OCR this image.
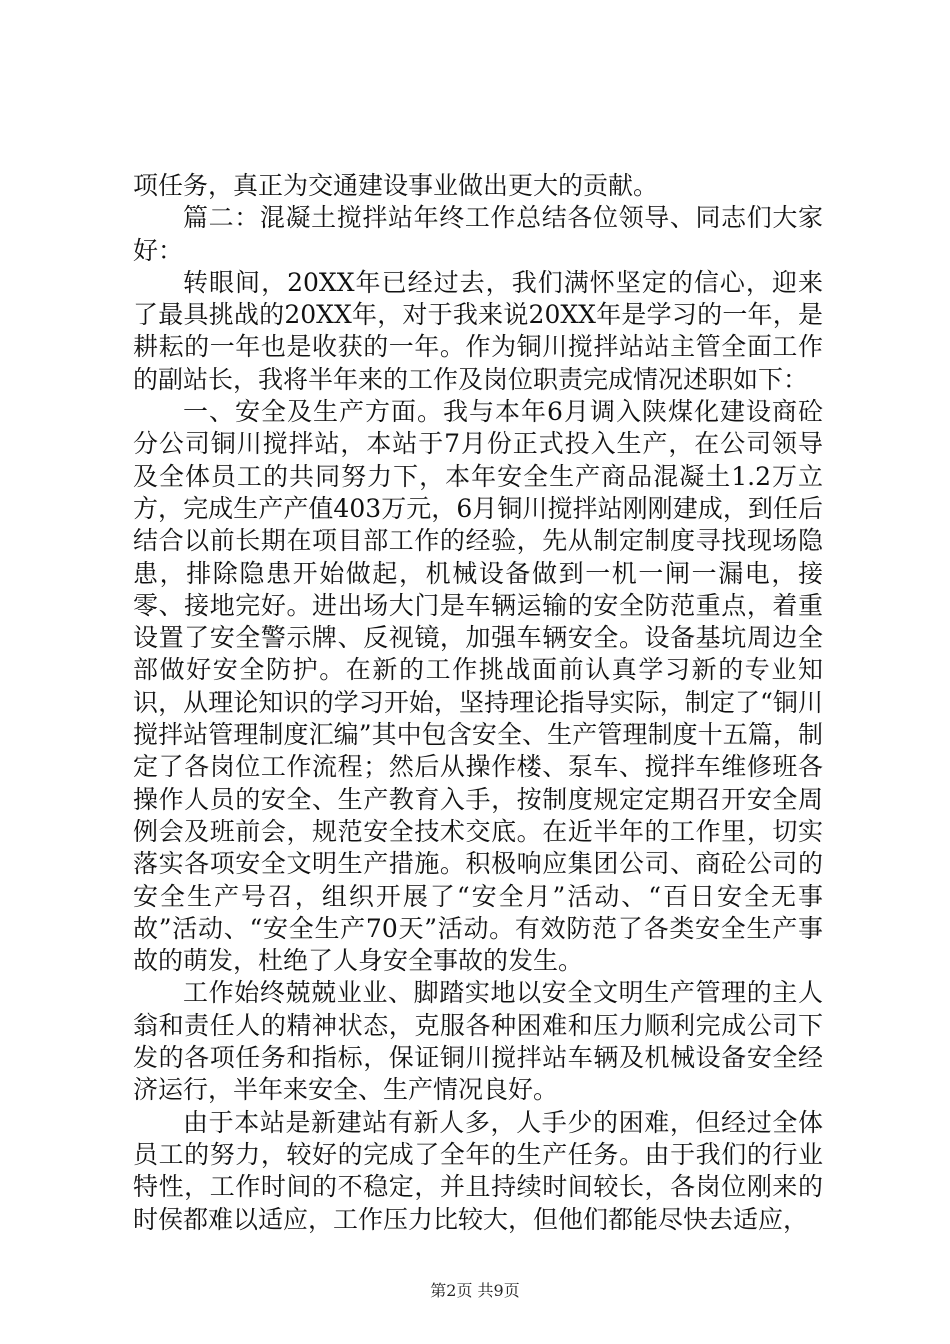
项任务，真正为交通建设事业做出更大的贡献。

篇二：混凝土搅拌站年终工作总结各位领导、同志们大家好：

转眼间，20XX年已经过去，我们满怀坚定的信心，迎来了最具挑战的20XX年，对于我来说20XX年是学习的一年，是耕耘的一年也是收获的一年。作为铜川搅拌站站主管全面工作的副站长，我将半年来的工作及岗位职责完成情况述职如下：

一、安全及生产方面。我与本年6月调入陕煤化建设商砼分公司铜川搅拌站，本站于7月份正式投入生产，在公司领导及全体员工的共同努力下，本年安全生产商品混凝土1.2万立方，完成生产产值403万元，6月铜川搅拌站刚刚建成，到任后结合以前长期在项目部工作的经验，先从制定制度寻找现场隐患，排除隐患开始做起，机械设备做到一机一闸一漏电，接零、接地完好。进出场大门是车辆运输的安全防范重点，着重设置了安全警示牌、反视镜，加强车辆安全。设备基坑周边全部做好安全防护。在新的工作挑战面前认真学习新的专业知识，从理论知识的学习开始，坚持理论指导实际，制定了“铜川搅拌站管理制度汇编”其中包含安全、生产管理制度十五篇，制定了各岗位工作流程；然后从操作楼、泵车、搅拌车维修班各操作人员的安全、生产教育入手，按制度规定定期召开安全周例会及班前会，规范安全技术交底。在近半年的工作里，切实落实各项安全文明生产措施。积极响应集团公司、商砼公司的安全生产号召，组织开展了“安全月”活动、“百日安全无事故”活动、“安全生产70天”活动。有效防范了各类安全生产事故的萌发，杜绝了人身安全事故的发生。

工作始终兢兢业业、脚踏实地以安全文明生产管理的主人翁和责任人的精神状态，克服各种困难和压力顺利完成公司下发的各项任务和指标，保证铜川搅拌站车辆及机械设备安全经济运行，半年来安全、生产情况良好。

由于本站是新建站有新人多，人手少的困难，但经过全体员工的努力，较好的完成了全年的生产任务。由于我们的行业特性，工作时间的不稳定，并且持续时间较长，各岗位刚来的时侯都难以适应，工作压力比较大，但他们都能尽快去适应，

第2页 共9页
